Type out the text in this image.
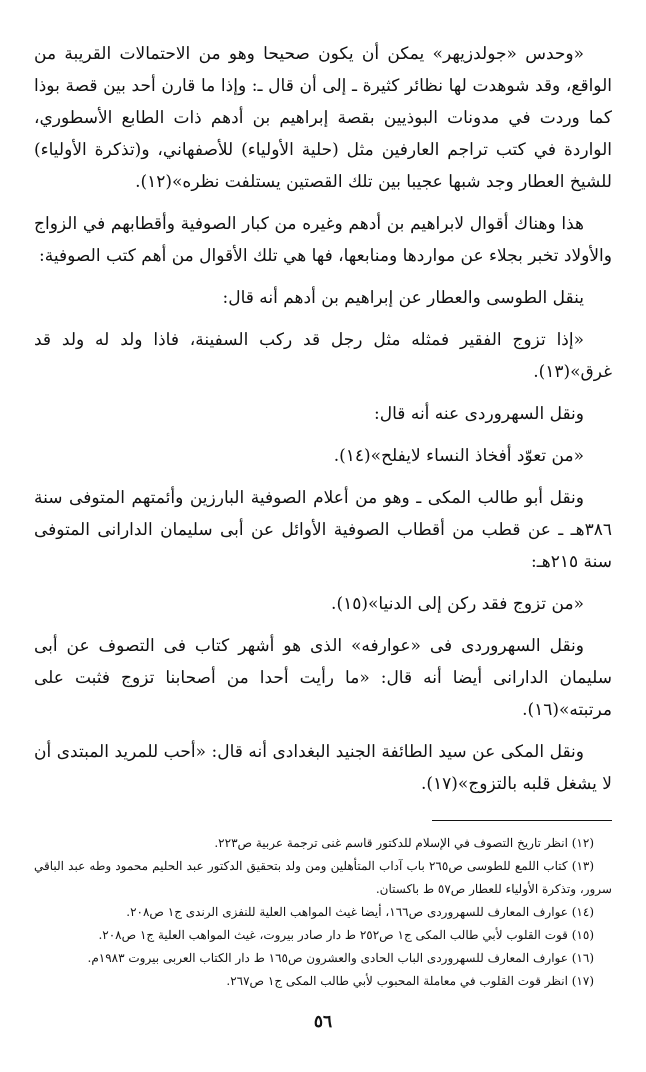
«وحدس «جولدزيهر» يمكن أن يكون صحيحا وهو من الاحتمالات القريبة من الواقع، وقد شوهدت لها نظائر كثيرة ـ إلى أن قال ـ: وإذا ما قارن أحد بين قصة بوذا كما وردت في مدونات البوذيين بقصة إبراهيم بن أدهم ذات الطابع الأسطوري، الواردة في كتب تراجم العارفين مثل (حلية الأولياء) للأصفهاني، و(تذكرة الأولياء) للشيخ العطار وجد شبها عجيبا بين تلك القصتين يستلفت نظره»(١٢).

هذا وهناك أقوال لابراهيم بن أدهم وغيره من كبار الصوفية وأقطابهم في الزواج والأولاد تخبر بجلاء عن مواردها ومنابعها، فها هي تلك الأقوال من أهم كتب الصوفية:

ينقل الطوسى والعطار عن إبراهيم بن أدهم أنه قال:

«إذا تزوج الفقير فمثله مثل رجل قد ركب السفينة، فاذا ولد له ولد قد غرق»(١٣).

ونقل السهروردى عنه أنه قال:

«من تعوّد أفخاذ النساء لايفلح»(١٤).

ونقل أبو طالب المكى ـ وهو من أعلام الصوفية البارزين وأئمتهم المتوفى سنة ٣٨٦هـ ـ عن قطب من أقطاب الصوفية الأوائل عن أبى سليمان الدارانى المتوفى سنة ٢١٥هـ:

«من تزوج فقد ركن إلى الدنيا»(١٥).

ونقل السهروردى فى «عوارفه» الذى هو أشهر كتاب فى التصوف عن أبى سليمان الدارانى أيضا أنه قال: «ما رأيت أحدا من أصحابنا تزوج فثبت على مرتبته»(١٦).

ونقل المكى عن سيد الطائفة الجنيد البغدادى أنه قال: «أحب للمريد المبتدى أن لا يشغل قلبه بالتزوج»(١٧).

(١٢) انظر تاريخ التصوف في الإسلام للدكتور قاسم غنى ترجمة عربية ص٢٢٣.
(١٣) كتاب اللمع للطوسى ص٢٦٥ باب آداب المتأهلين ومن ولد بتحقيق الدكتور عبد الحليم محمود وطه عبد الباقي سرور، وتذكرة الأولياء للعطار ص٥٧ ط باكستان.
(١٤) عوارف المعارف للسهروردى ص١٦٦، أيضا غيث المواهب العلية للنفزى الرندى ج١ ص٢٠٨.
(١٥) قوت القلوب لأبي طالب المكى ج١ ص٢٥٢ ط دار صادر بيروت، غيث المواهب العلية ج١ ص٢٠٨.
(١٦) عوارف المعارف للسهروردى الباب الحادى والعشرون ص١٦٥ ط دار الكتاب العربى بيروت ١٩٨٣م.
(١٧) انظر قوت القلوب في معاملة المحبوب لأبي طالب المكى ج١ ص٢٦٧.
٥٦
